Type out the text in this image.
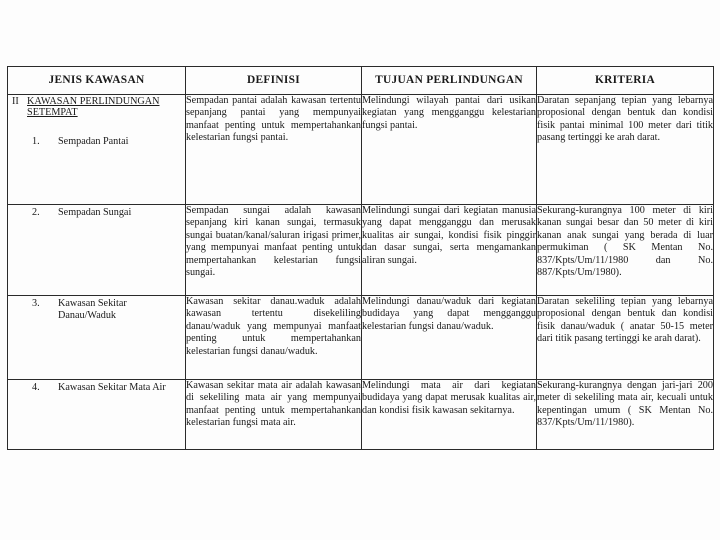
JENIS KAWASAN	DEFINISI	TUJUAN PERLINDUNGAN	KRITERIA

II KAWASAN PERLINDUNGAN SETEMPAT
1. Sempadan Pantai	Sempadan pantai adalah kawasan tertentu sepanjang pantai yang mempunyai manfaat penting untuk mempertahankan kelestarian fungsi pantai.	Melindungi wilayah pantai dari usikan kegiatan yang mengganggu kelestarian fungsi pantai.	Daratan sepanjang tepian yang lebarnya proposional dengan bentuk dan kondisi fisik pantai minimal 100 meter dari titik pasang tertinggi ke arah darat.

2. Sempadan Sungai	Sempadan sungai adalah kawasan sepanjang kiri kanan sungai, termasuk sungai buatan/kanal/saluran irigasi primer, yang mempunyai manfaat penting untuk mempertahankan kelestarian fungsi sungai.	Melindungi sungai dari kegiatan manusia yang dapat mengganggu dan merusak kualitas air sungai, kondisi fisik pinggir dan dasar sungai, serta mengamankan aliran sungai.	Sekurang-kurangnya 100 meter di kiri kanan sungai besar dan 50 meter di kiri kanan anak sungai yang berada di luar permukiman ( SK Mentan No. 837/Kpts/Um/11/1980 dan No. 887/Kpts/Um/1980).

3. Kawasan Sekitar Danau/Waduk	Kawasan sekitar danau.waduk adalah kawasan tertentu disekeliling danau/waduk yang mempunyai manfaat penting untuk mempertahankan kelestarian fungsi danau/waduk.	Melindungi danau/waduk dari kegiatan budidaya yang dapat mengganggu kelestarian fungsi danau/waduk.	Daratan sekeliling tepian yang lebarnya proposional dengan bentuk dan kondisi fisik danau/waduk ( anatar 50-15 meter dari titik pasang tertinggi ke arah darat).

4. Kawasan Sekitar Mata Air	Kawasan sekitar mata air adalah kawasan di sekeliling mata air yang mempunyai manfaat penting untuk mempertahankan kelestarian fungsi mata air.	Melindungi mata air dari kegiatan budidaya yang dapat merusak kualitas air, dan kondisi fisik kawasan sekitarnya.	Sekurang-kurangnya dengan jari-jari 200 meter di sekeliling mata air, kecuali untuk kepentingan umum ( SK Mentan No. 837/Kpts/Um/11/1980).
